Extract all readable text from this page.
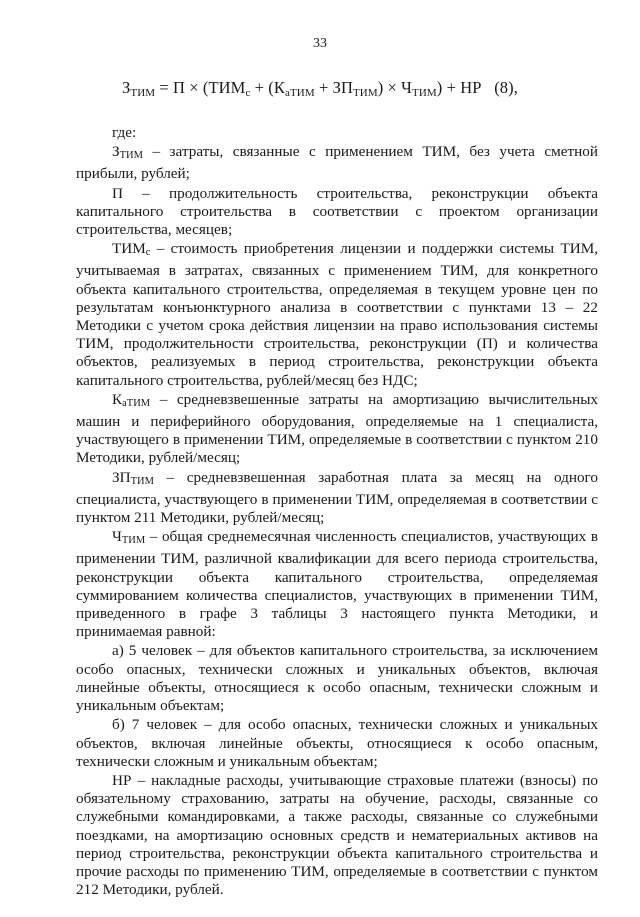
33
$З_{ТИМ} = П \times (ТИМ_с + (К_{аТИМ} + ЗП_{ТИМ}) \times Ч_{ТИМ})$ + НР (8),

где:

$З_{ТИМ}$ – затраты, связанные с применением ТИМ, без учета сметной прибыли, рублей;

П – продолжительность строительства, реконструкции объекта капитального строительства в соответствии с проектом организации строительства, месяцев;

$ТИМ_с$ – стоимость приобретения лицензии и поддержки системы ТИМ, учитываемая в затратах, связанных с применением ТИМ, для конкретного объекта капитального строительства, определяемая в текущем уровне цен по результатам конъюнктурного анализа в соответствии с пунктами 13 – 22 Методики с учетом срока действия лицензии на право использования системы ТИМ, продолжительности строительства, реконструкции (П) и количества объектов, реализуемых в период строительства, реконструкции объекта капитального строительства, рублей/месяц без НДС;

$К_{аТИМ}$ – средневзвешенные затраты на амортизацию вычислительных машин и периферийного оборудования, определяемые на 1 специалиста, участвующего в применении ТИМ, определяемые в соответствии с пунктом 210 Методики, рублей/месяц;

$ЗП_{ТИМ}$ – средневзвешенная заработная плата за месяц на одного специалиста, участвующего в применении ТИМ, определяемая в соответствии с пунктом 211 Методики, рублей/месяц;

$Ч_{ТИМ}$ – общая среднемесячная численность специалистов, участвующих в применении ТИМ, различной квалификации для всего периода строительства, реконструкции объекта капитального строительства, определяемая суммированием количества специалистов, участвующих в применении ТИМ, приведенного в графе 3 таблицы 3 настоящего пункта Методики, и принимаемая равной:

а) 5 человек – для объектов капитального строительства, за исключением особо опасных, технически сложных и уникальных объектов, включая линейные объекты, относящиеся к особо опасным, технически сложным и уникальным объектам;

б) 7 человек – для особо опасных, технически сложных и уникальных объектов, включая линейные объекты, относящиеся к особо опасным, технически сложным и уникальным объектам;

НР – накладные расходы, учитывающие страховые платежи (взносы) по обязательному страхованию, затраты на обучение, расходы, связанные со служебными командировками, а также расходы, связанные со служебными поездками, на амортизацию основных средств и нематериальных активов на период строительства, реконструкции объекта капитального строительства и прочие расходы по применению ТИМ, определяемые в соответствии с пунктом 212 Методики, рублей.
